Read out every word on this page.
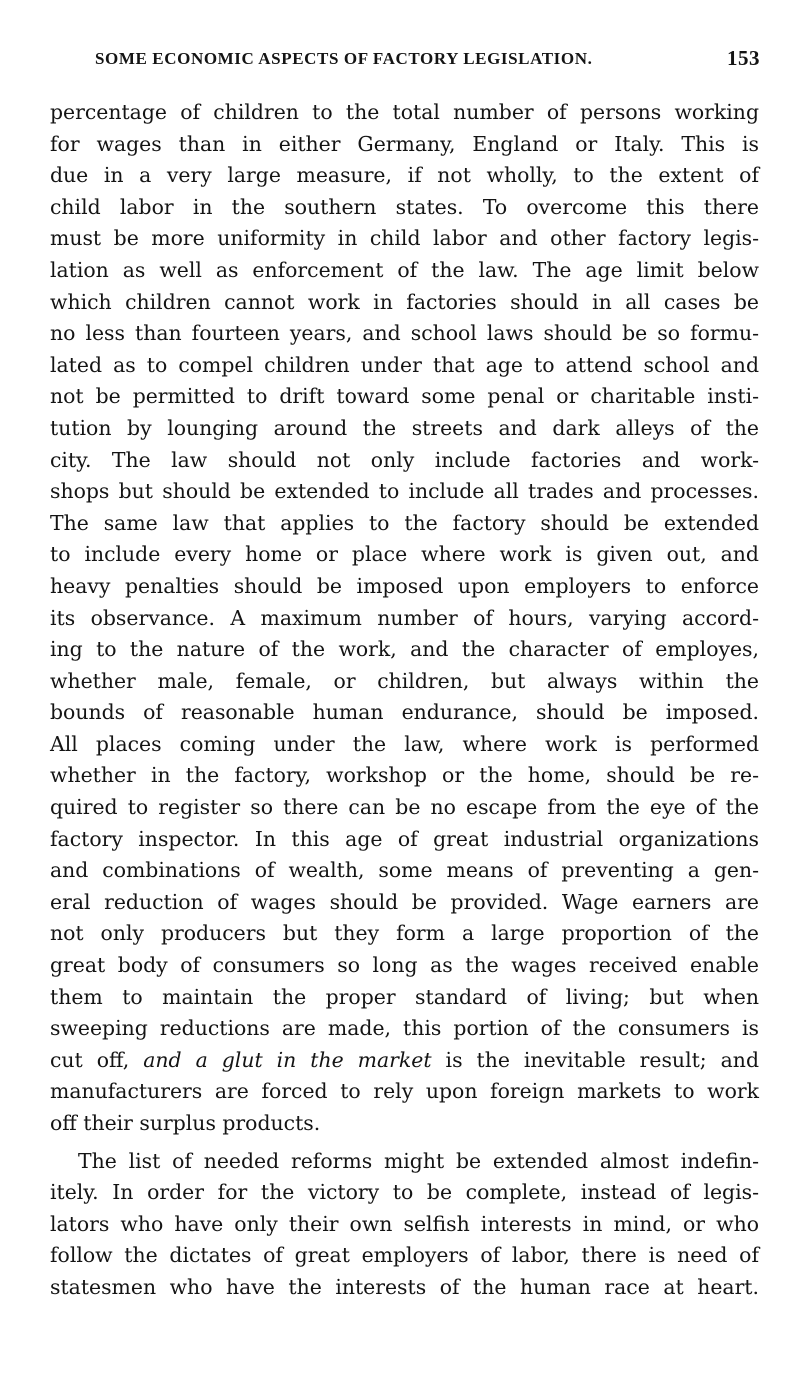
SOME ECONOMIC ASPECTS OF FACTORY LEGISLATION.	153
percentage of children to the total number of persons working
for wages than in either Germany, England or Italy. This is
due in a very large measure, if not wholly, to the extent of
child labor in the southern states. To overcome this there
must be more uniformity in child labor and other factory legis-
lation as well as enforcement of the law. The age limit below
which children cannot work in factories should in all cases be
no less than fourteen years, and school laws should be so formu-
lated as to compel children under that age to attend school and
not be permitted to drift toward some penal or charitable insti-
tution by lounging around the streets and dark alleys of the
city. The law should not only include factories and work-
shops but should be extended to include all trades and processes.
The same law that applies to the factory should be extended
to include every home or place where work is given out, and
heavy penalties should be imposed upon employers to enforce
its observance. A maximum number of hours, varying accord-
ing to the nature of the work, and the character of employes,
whether male, female, or children, but always within the
bounds of reasonable human endurance, should be imposed.
All places coming under the law, where work is performed
whether in the factory, workshop or the home, should be re-
quired to register so there can be no escape from the eye of the
factory inspector. In this age of great industrial organizations
and combinations of wealth, some means of preventing a gen-
eral reduction of wages should be provided. Wage earners are
not only producers but they form a large proportion of the
great body of consumers so long as the wages received enable
them to maintain the proper standard of living; but when
sweeping reductions are made, this portion of the consumers is
cut off, and a glut in the market is the inevitable result; and
manufacturers are forced to rely upon foreign markets to work
off their surplus products.
The list of needed reforms might be extended almost indefin-
itely. In order for the victory to be complete, instead of legis-
lators who have only their own selfish interests in mind, or who
follow the dictates of great employers of labor, there is need of
statesmen who have the interests of the human race at heart.
